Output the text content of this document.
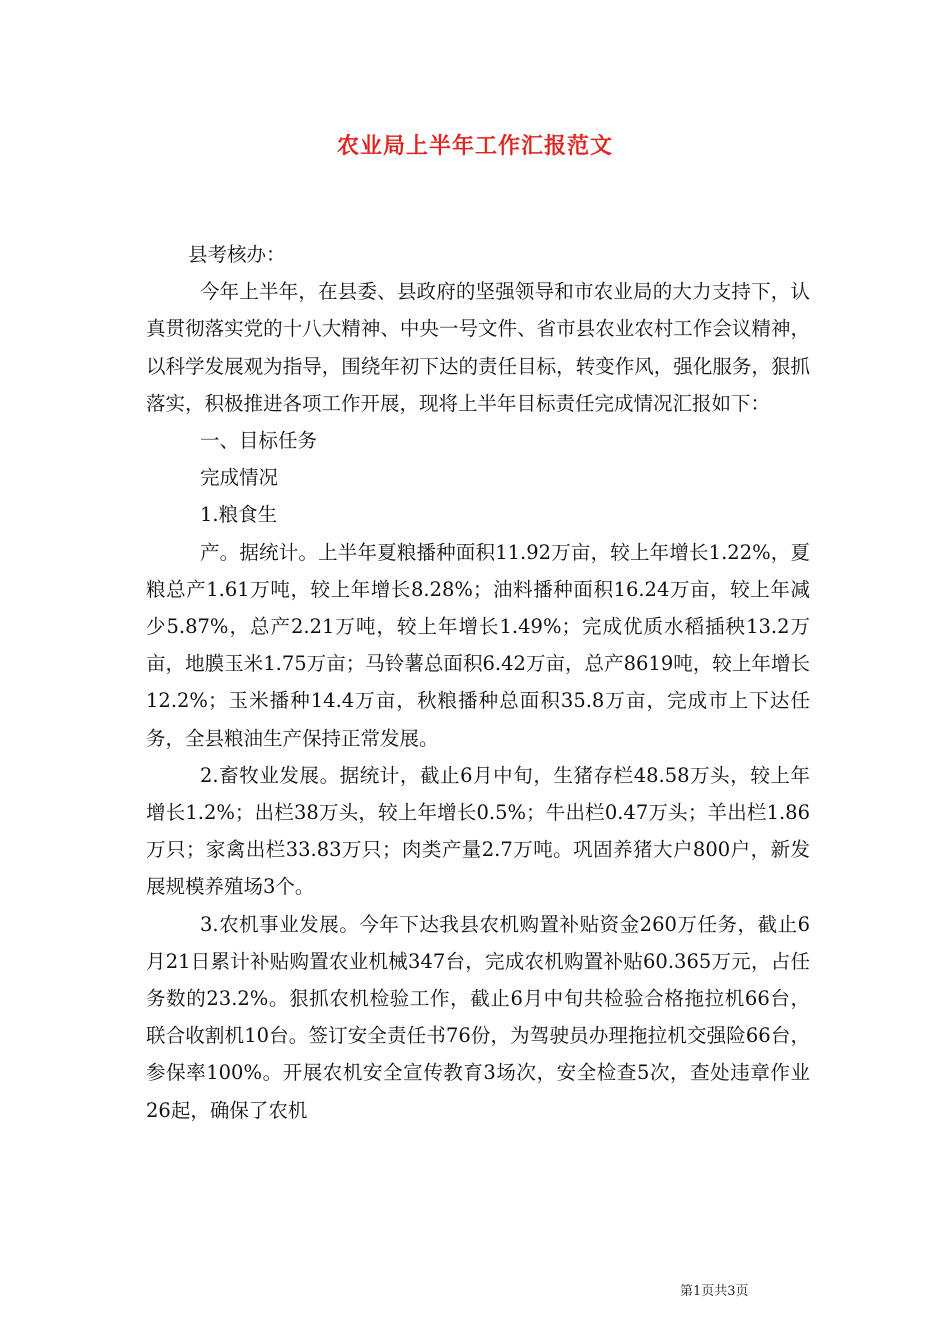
农业局上半年工作汇报范文

县考核办：

今年上半年，在县委、县政府的坚强领导和市农业局的大力支持下，认真贯彻落实党的十八大精神、中央一号文件、省市县农业农村工作会议精神，以科学发展观为指导，围绕年初下达的责任目标，转变作风，强化服务，狠抓落实，积极推进各项工作开展，现将上半年目标责任完成情况汇报如下：

一、目标任务

完成情况

1.粮食生

产。据统计。上半年夏粮播种面积11.92万亩，较上年增长1.22%，夏粮总产1.61万吨，较上年增长8.28%；油料播种面积16.24万亩，较上年减少5.87%，总产2.21万吨，较上年增长1.49%；完成优质水稻插秧13.2万亩，地膜玉米1.75万亩；马铃薯总面积6.42万亩，总产8619吨，较上年增长12.2%；玉米播种14.4万亩，秋粮播种总面积35.8万亩，完成市上下达任务，全县粮油生产保持正常发展。

2.畜牧业发展。据统计，截止6月中旬，生猪存栏48.58万头，较上年增长1.2%；出栏38万头，较上年增长0.5%；牛出栏0.47万头；羊出栏1.86万只；家禽出栏33.83万只；肉类产量2.7万吨。巩固养猪大户800户，新发展规模养殖场3个。

3.农机事业发展。今年下达我县农机购置补贴资金260万任务，截止6月21日累计补贴购置农业机械347台，完成农机购置补贴60.365万元，占任务数的23.2%。狠抓农机检验工作，截止6月中旬共检验合格拖拉机66台，联合收割机10台。签订安全责任书76份，为驾驶员办理拖拉机交强险66台，参保率100%。开展农机安全宣传教育3场次，安全检查5次，查处违章作业26起，确保了农机

第1页共3页
